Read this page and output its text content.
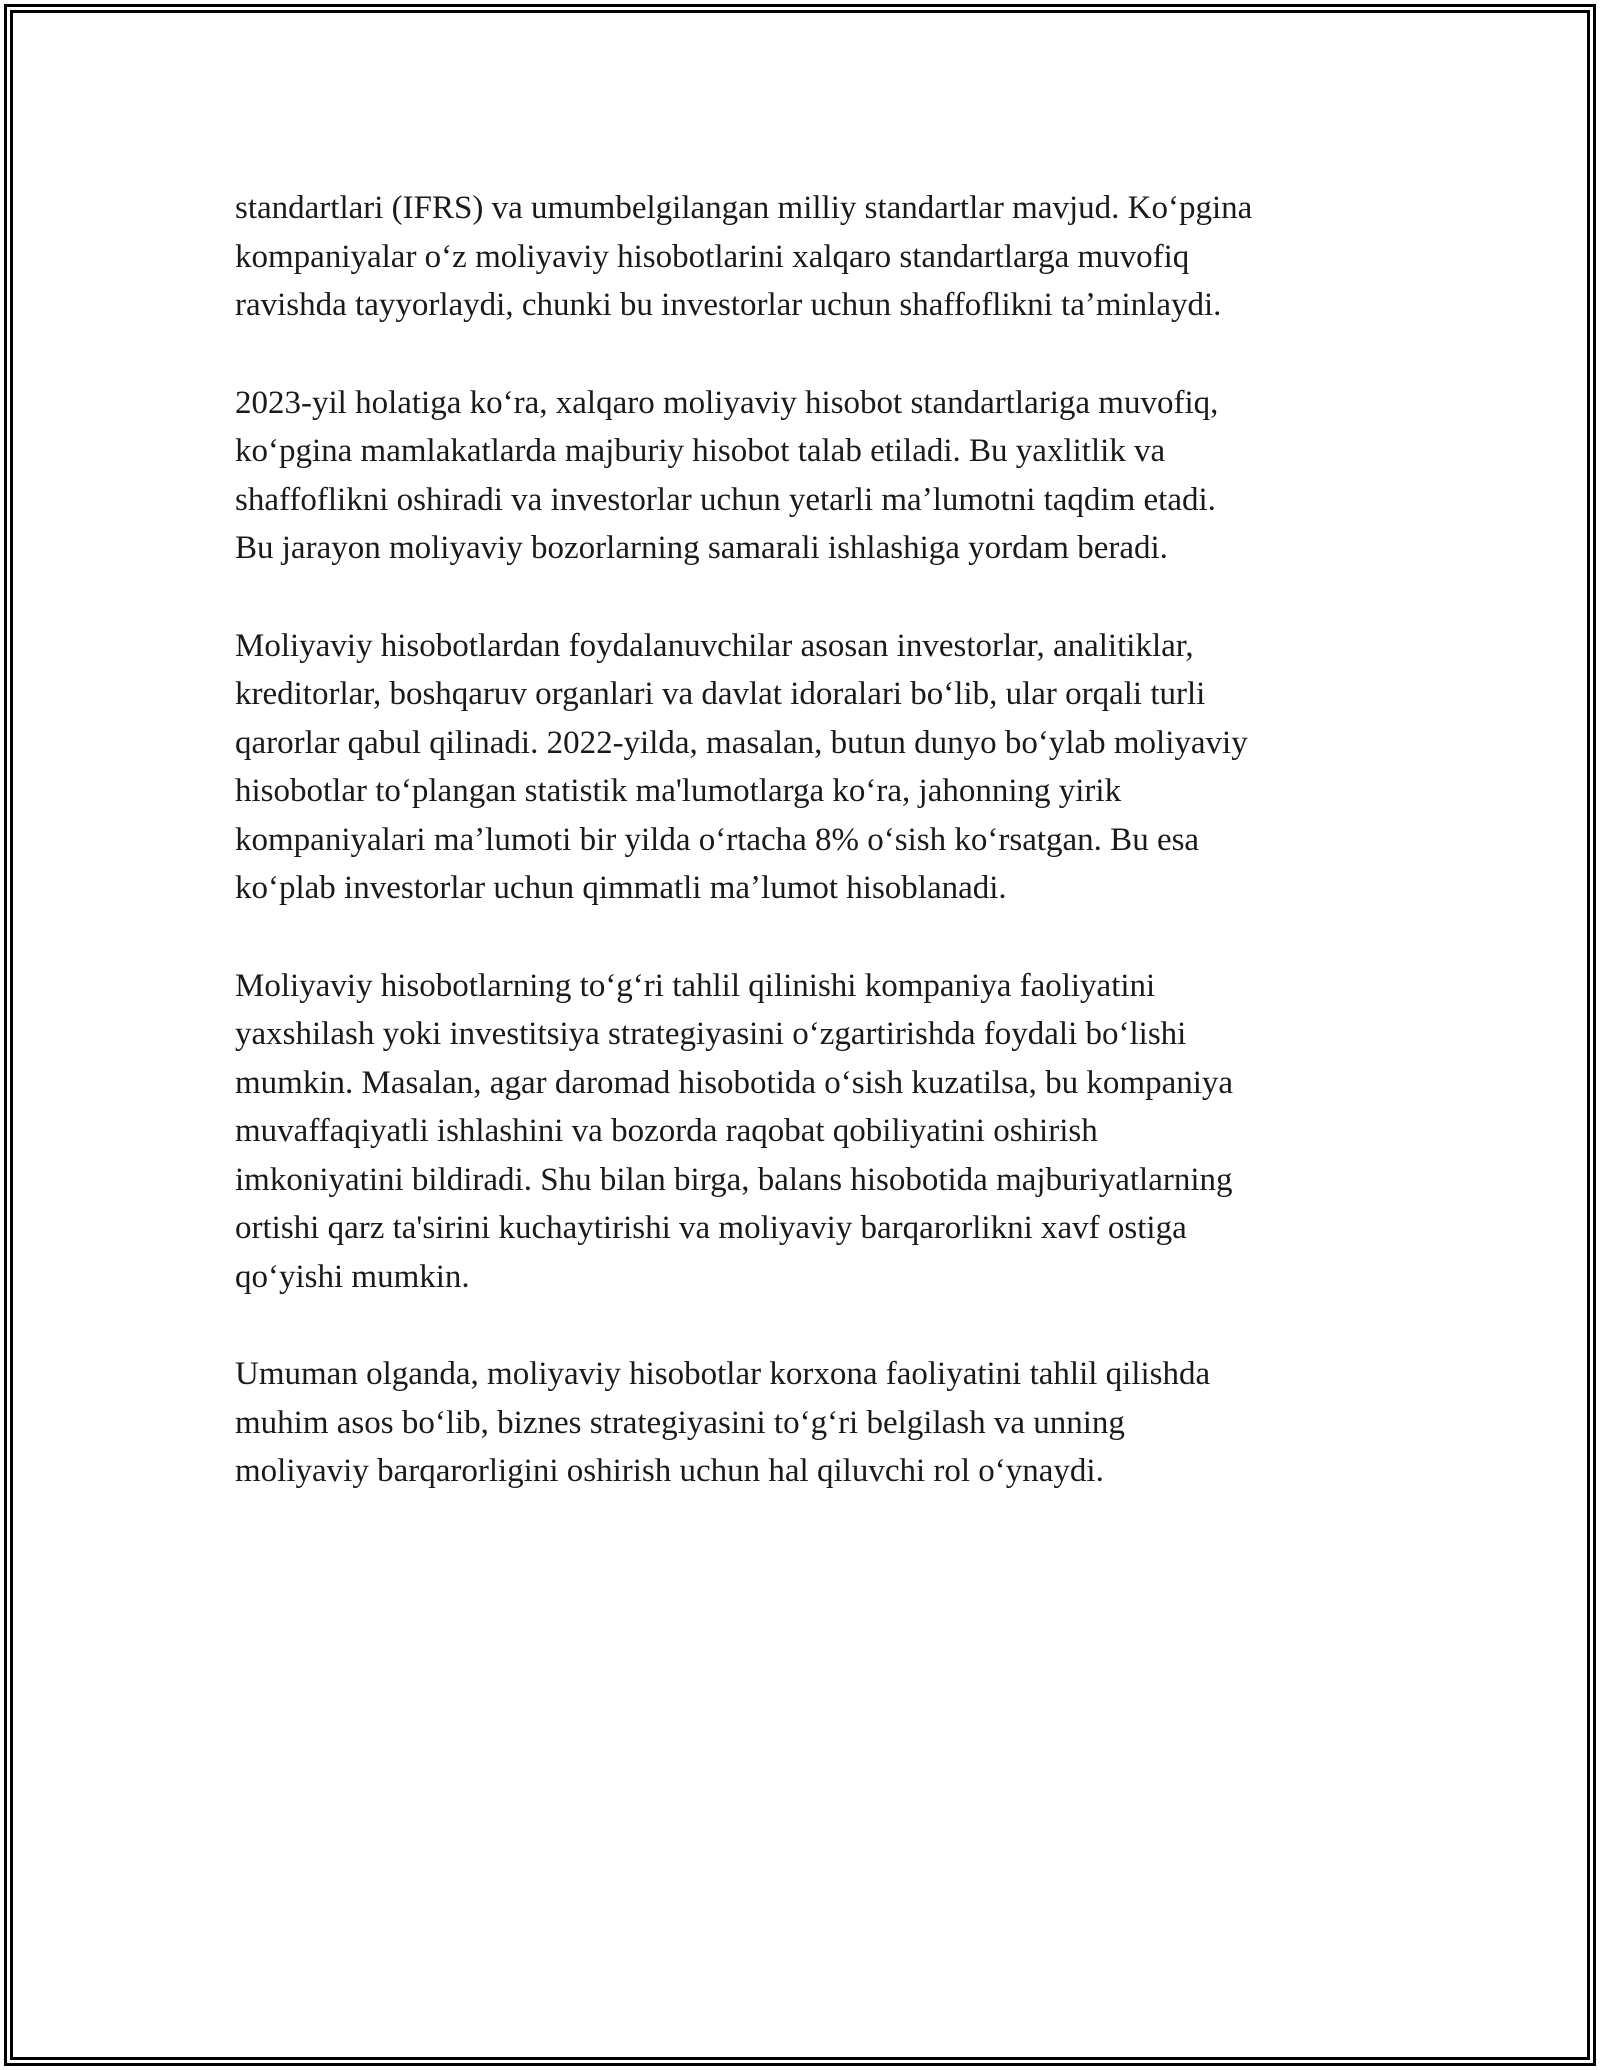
standartlari (IFRS) va umumbelgilangan milliy standartlar mavjud. Koʻpgina
kompaniyalar oʻz moliyaviy hisobotlarini xalqaro standartlarga muvofiq
ravishda tayyorlaydi, chunki bu investorlar uchun shaffoflikni taʼminlaydi.

2023-yil holatiga koʻra, xalqaro moliyaviy hisobot standartlariga muvofiq,
koʻpgina mamlakatlarda majburiy hisobot talab etiladi. Bu yaxlitlik va
shaffoflikni oshiradi va investorlar uchun yetarli maʼlumotni taqdim etadi.
Bu jarayon moliyaviy bozorlarning samarali ishlashiga yordam beradi.

Moliyaviy hisobotlardan foydalanuvchilar asosan investorlar, analitiklar,
kreditorlar, boshqaruv organlari va davlat idoralari boʻlib, ular orqali turli
qarorlar qabul qilinadi. 2022-yilda, masalan, butun dunyo boʻylab moliyaviy
hisobotlar toʻplangan statistik ma'lumotlarga koʻra, jahonning yirik
kompaniyalari maʼlumoti bir yilda oʻrtacha 8% oʻsish koʻrsatgan. Bu esa
koʻplab investorlar uchun qimmatli maʼlumot hisoblanadi.

Moliyaviy hisobotlarning toʻgʻri tahlil qilinishi kompaniya faoliyatini
yaxshilash yoki investitsiya strategiyasini oʻzgartirishda foydali boʻlishi
mumkin. Masalan, agar daromad hisobotida oʻsish kuzatilsa, bu kompaniya
muvaffaqiyatli ishlashini va bozorda raqobat qobiliyatini oshirish
imkoniyatini bildiradi. Shu bilan birga, balans hisobotida majburiyatlarning
ortishi qarz ta'sirini kuchaytirishi va moliyaviy barqarorlikni xavf ostiga
qoʻyishi mumkin.

Umuman olganda, moliyaviy hisobotlar korxona faoliyatini tahlil qilishda
muhim asos boʻlib, biznes strategiyasini toʻgʻri belgilash va unning
moliyaviy barqarorligini oshirish uchun hal qiluvchi rol oʻynaydi.
